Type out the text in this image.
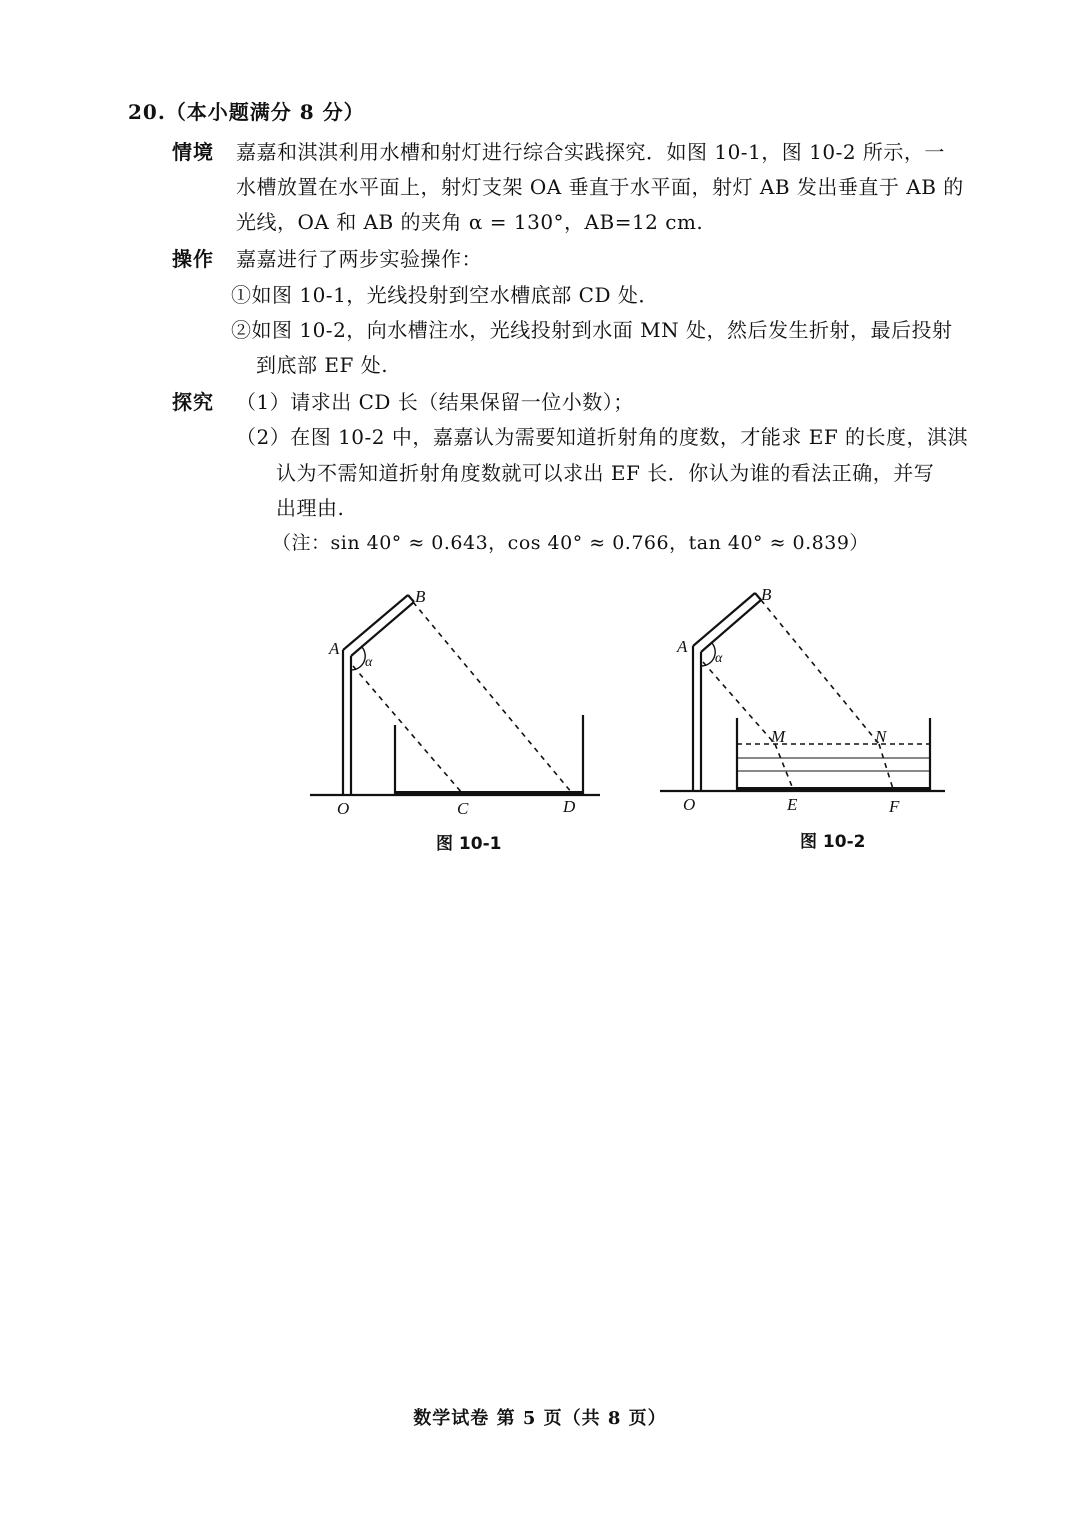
20.（本小题满分 8 分）
情境 嘉嘉和淇淇利用水槽和射灯进行综合实践探究．如图 10-1，图 10-2 所示，一
水槽放置在水平面上，射灯支架 OA 垂直于水平面，射灯 AB 发出垂直于 AB 的
光线，OA 和 AB 的夹角 α = 130°，AB=12 cm.
操作 嘉嘉进行了两步实验操作：
①如图 10-1，光线投射到空水槽底部 CD 处．
②如图 10-2，向水槽注水，光线投射到水面 MN 处，然后发生折射，最后投射
到底部 EF 处.
探究 （1）请求出 CD 长（结果保留一位小数）；
（2）在图 10-2 中，嘉嘉认为需要知道折射角的度数，才能求 EF 的长度，淇淇
认为不需知道折射角度数就可以求出 EF 长．你认为谁的看法正确，并写
出理由.
（注：sin 40° ≈ 0.643，cos 40° ≈ 0.766，tan 40° ≈ 0.839）
A
B
α
O	C	D
图 10-1
A
B
α
M	N
O	E	F
图 10-2
数学试卷 第 5 页（共 8 页）
